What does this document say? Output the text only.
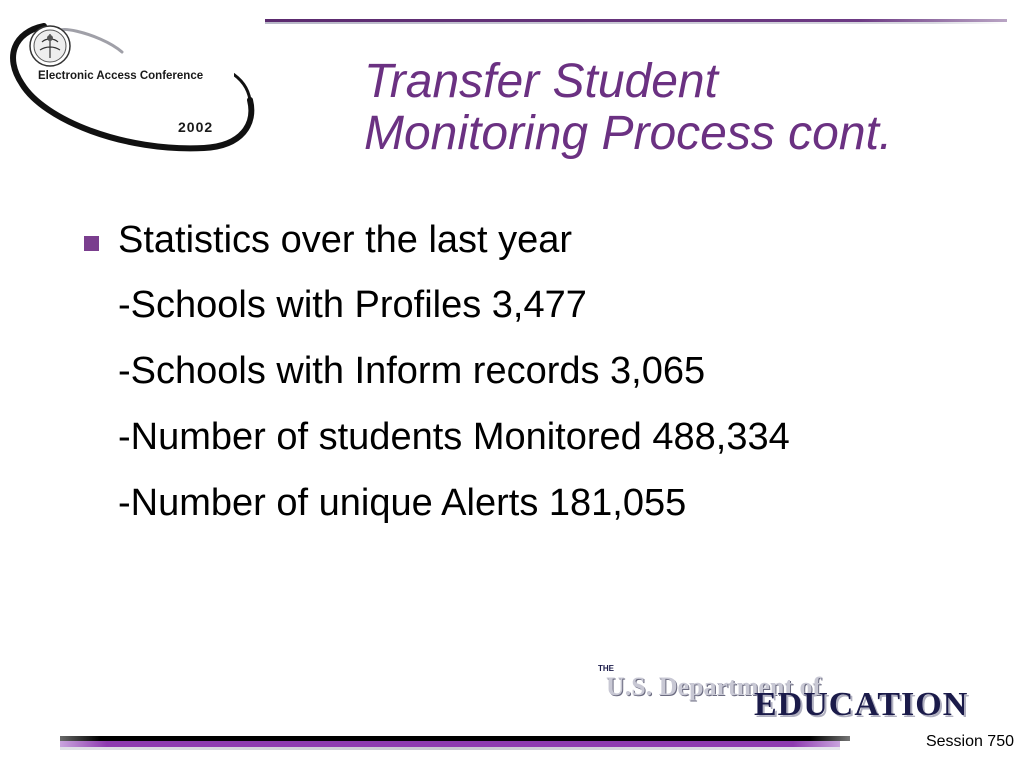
Electronic Access Conference
2002
Transfer Student
Monitoring Process cont.
Statistics over the last year
-Schools with Profiles 3,477
-Schools with Inform records 3,065
-Number of students Monitored 488,334
-Number of unique Alerts 181,055
THE
U.S. Department of
EDUCATION
Session 750
